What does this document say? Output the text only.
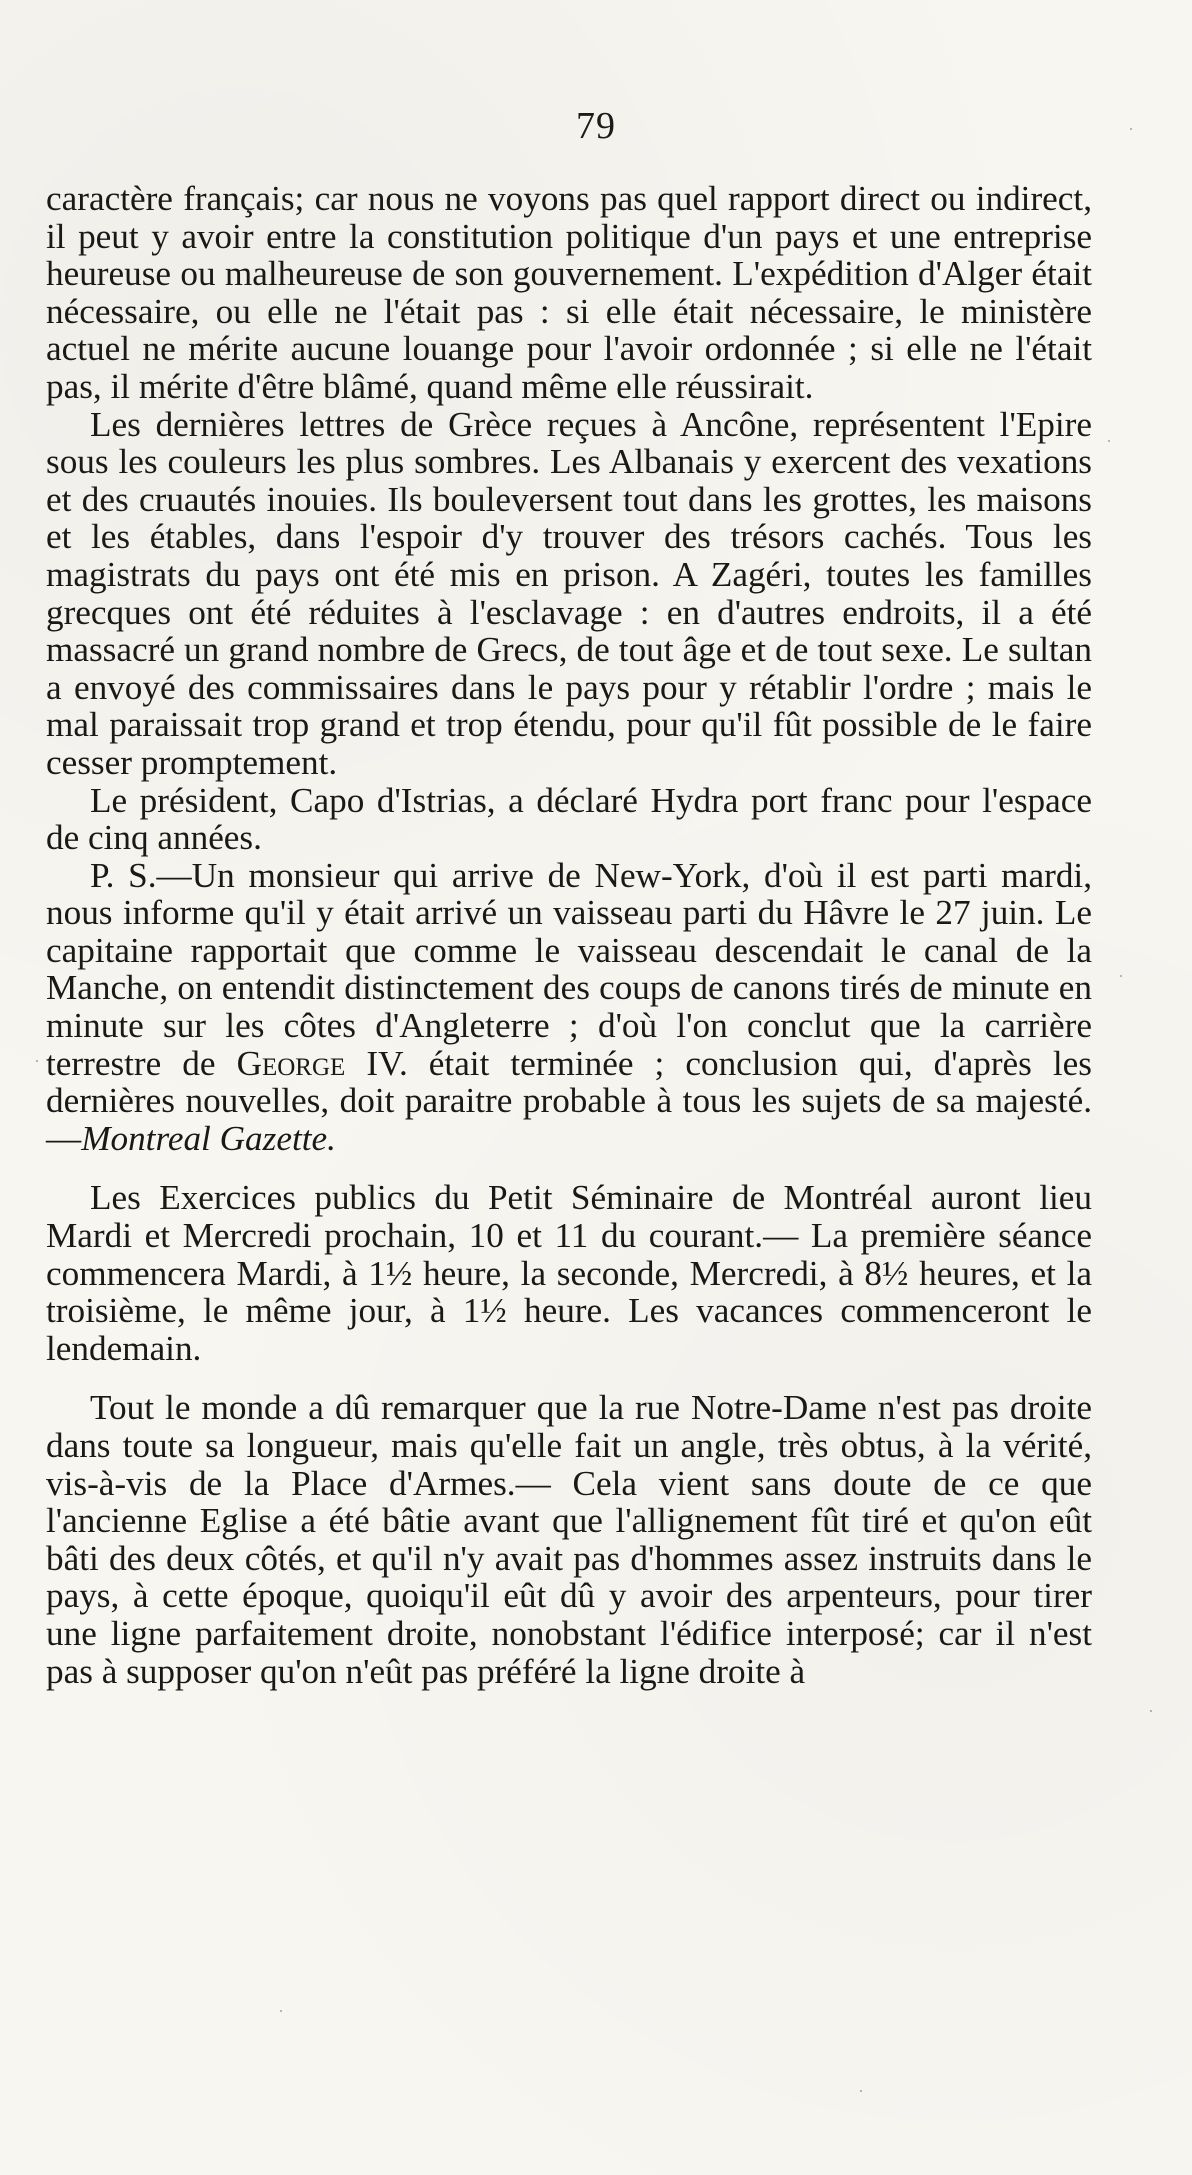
79

caractère français; car nous ne voyons pas quel rapport direct ou indirect, il peut y avoir entre la constitution politique d'un pays et une entreprise heureuse ou malheureuse de son gouvernement. L'expédition d'Alger était nécessaire, ou elle ne l'était pas : si elle était nécessaire, le ministère actuel ne mérite aucune louange pour l'avoir ordonnée ; si elle ne l'était pas, il mérite d'être blâmé, quand même elle réussirait.

Les dernières lettres de Grèce reçues à Ancône, représentent l'Epire sous les couleurs les plus sombres. Les Albanais y exercent des vexations et des cruautés inouies. Ils bouleversent tout dans les grottes, les maisons et les étables, dans l'espoir d'y trouver des trésors cachés. Tous les magistrats du pays ont été mis en prison. A Zagéri, toutes les familles grecques ont été réduites à l'esclavage : en d'autres endroits, il a été massacré un grand nombre de Grecs, de tout âge et de tout sexe. Le sultan a envoyé des commissaires dans le pays pour y rétablir l'ordre ; mais le mal paraissait trop grand et trop étendu, pour qu'il fût possible de le faire cesser promptement.

Le président, Capo d'Istrias, a déclaré Hydra port franc pour l'espace de cinq années.

P. S.—Un monsieur qui arrive de New-York, d'où il est parti mardi, nous informe qu'il y était arrivé un vaisseau parti du Hâvre le 27 juin. Le capitaine rapportait que comme le vaisseau descendait le canal de la Manche, on entendit distinctement des coups de canons tirés de minute en minute sur les côtes d'Angleterre ; d'où l'on conclut que la carrière terrestre de George IV. était terminée ; conclusion qui, d'après les dernières nouvelles, doit paraitre probable à tous les sujets de sa majesté.—Montreal Gazette.

Les Exercices publics du Petit Séminaire de Montréal auront lieu Mardi et Mercredi prochain, 10 et 11 du courant.— La première séance commencera Mardi, à 1½ heure, la seconde, Mercredi, à 8½ heures, et la troisième, le même jour, à 1½ heure. Les vacances commenceront le lendemain.

Tout le monde a dû remarquer que la rue Notre-Dame n'est pas droite dans toute sa longueur, mais qu'elle fait un angle, très obtus, à la vérité, vis-à-vis de la Place d'Armes.— Cela vient sans doute de ce que l'ancienne Eglise a été bâtie avant que l'allignement fût tiré et qu'on eût bâti des deux côtés, et qu'il n'y avait pas d'hommes assez instruits dans le pays, à cette époque, quoiqu'il eût dû y avoir des arpenteurs, pour tirer une ligne parfaitement droite, nonobstant l'édifice interposé; car il n'est pas à supposer qu'on n'eût pas préféré la ligne droite à
